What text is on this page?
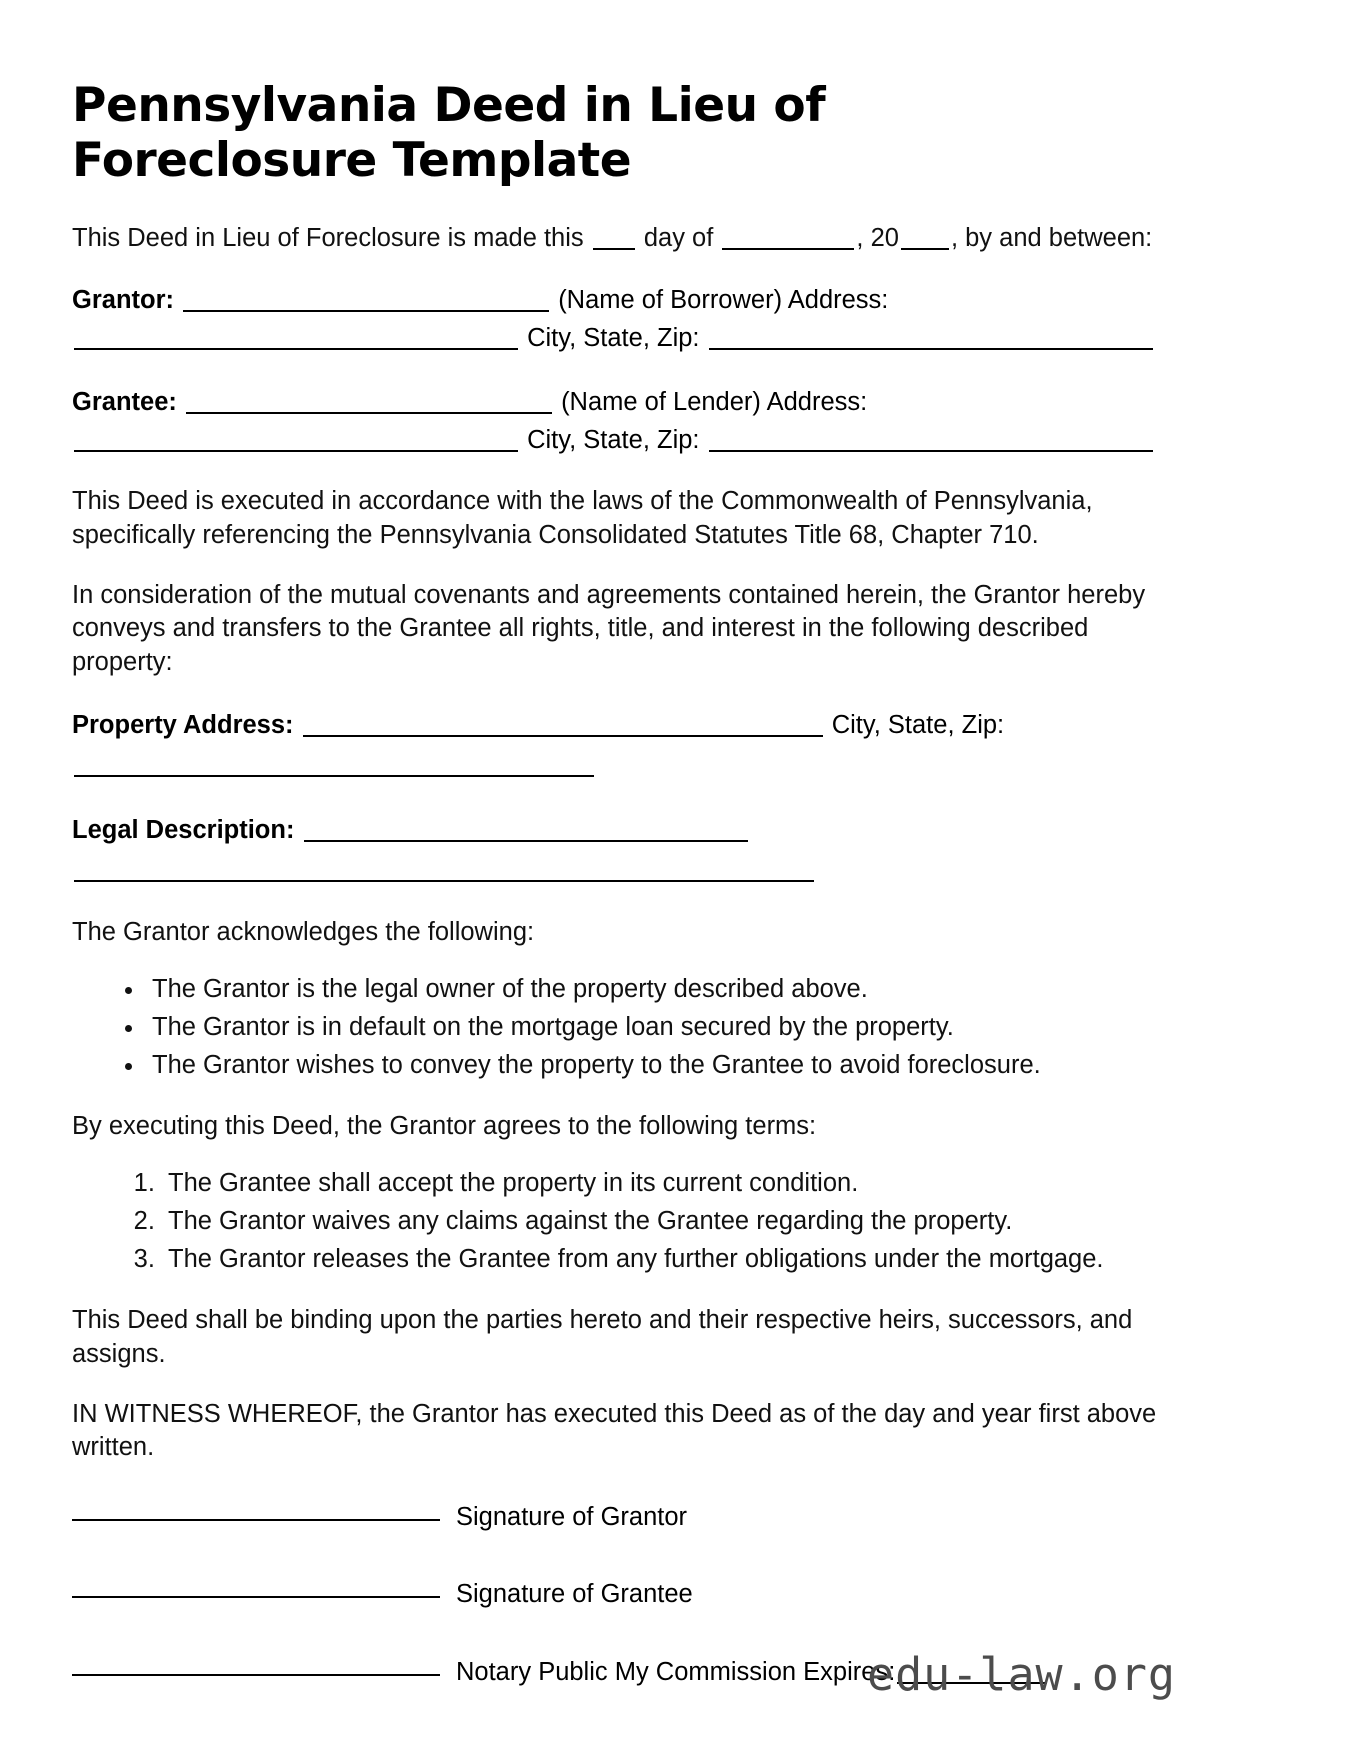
Pennsylvania Deed in Lieu of Foreclosure Template

This Deed in Lieu of Foreclosure is made this day of	, 20 , by and between:

Grantor:	(Name of Borrower) Address:  City, State, Zip:
Grantee:	(Name of Lender) Address:  City, State, Zip:

This Deed is executed in accordance with the laws of the Commonwealth of Pennsylvania, specifically referencing the Pennsylvania Consolidated Statutes Title 68, Chapter 710.

In consideration of the mutual covenants and agreements contained herein, the Grantor hereby conveys and transfers to the Grantee all rights, title, and interest in the following described property:

Property Address:	City, State, Zip:
Legal Description:

The Grantor acknowledges the following:

• The Grantor is the legal owner of the property described above.
• The Grantor is in default on the mortgage loan secured by the property.
• The Grantor wishes to convey the property to the Grantee to avoid foreclosure.

By executing this Deed, the Grantor agrees to the following terms:

1. The Grantee shall accept the property in its current condition.
2. The Grantor waives any claims against the Grantee regarding the property.
3. The Grantor releases the Grantee from any further obligations under the mortgage.

This Deed shall be binding upon the parties hereto and their respective heirs, successors, and assigns.

IN WITNESS WHEREOF, the Grantor has executed this Deed as of the day and year first above written.

Signature of Grantor
Signature of Grantee
Notary Public My Commission Expires:
edu-law.org
